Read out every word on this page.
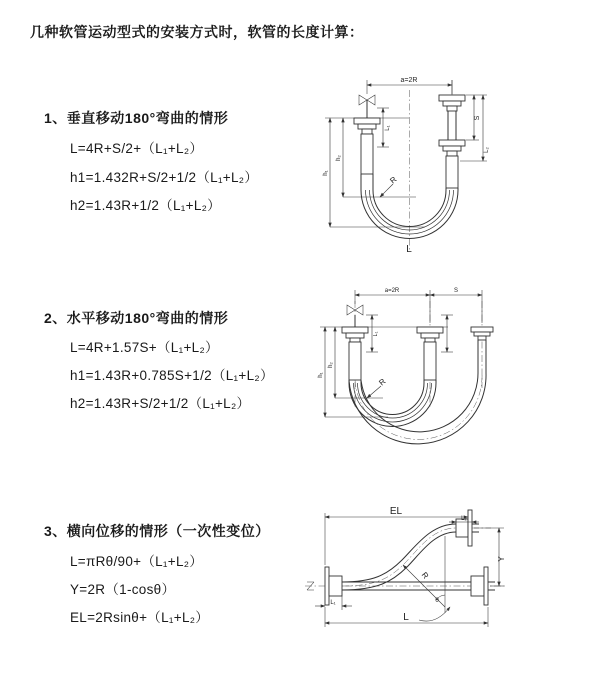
几种软管运动型式的安装方式时，软管的长度计算：
1、垂直移动180°弯曲的情形
L=4R+S/2+（L₁+L₂）
h1=1.432R+S/2+1/2（L₁+L₂）
h2=1.43R+1/2（L₁+L₂）
2、水平移动180°弯曲的情形
L=4R+1.57S+（L₁+L₂）
h1=1.43R+0.785S+1/2（L₁+L₂）
h2=1.43R+S/2+1/2（L₁+L₂）
3、横向位移的情形（一次性变位）
L=πRθ/90+（L₁+L₂）
Y=2R（1-cosθ）
EL=2Rsinθ+（L₁+L₂）
a=2R
h₁
h₂
L₁
S
L₂
R
L
a=2R	S
h₁
h₂
L₁
R
EL
L₂
Y
R
θ
L₁
L
